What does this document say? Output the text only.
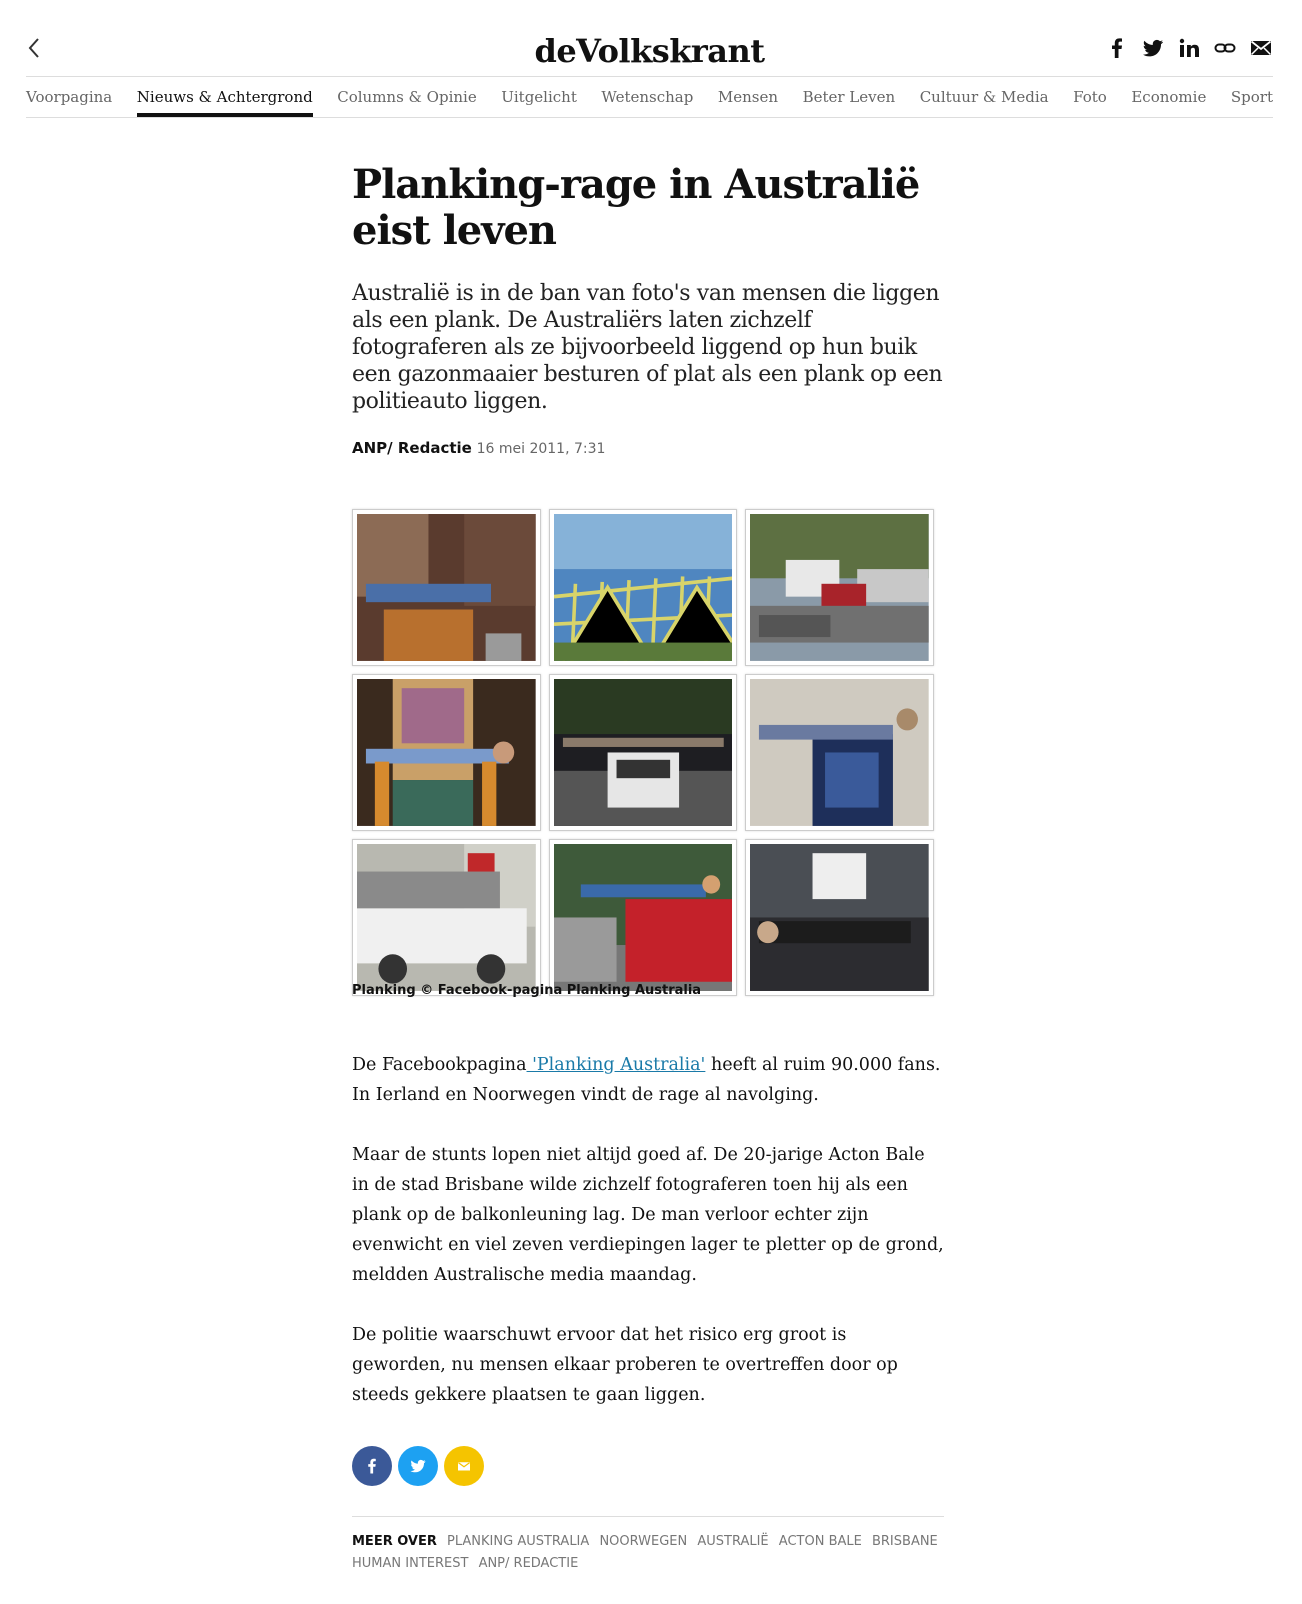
deVolkskrant
Voorpagina Nieuws & Achtergrond Columns & Opinie Uitgelicht Wetenschap Mensen Beter Leven Cultuur & Media Foto Economie Sport
Planking-rage in Australië eist leven
Australië is in de ban van foto's van mensen die liggen als een plank. De Australiërs laten zichzelf fotograferen als ze bijvoorbeeld liggend op hun buik een gazonmaaier besturen of plat als een plank op een politieauto liggen.
ANP/ Redactie 16 mei 2011, 7:31
Planking © Facebook-pagina Planking Australia

De Facebookpagina 'Planking Australia' heeft al ruim 90.000 fans. In Ierland en Noorwegen vindt de rage al navolging.

Maar de stunts lopen niet altijd goed af. De 20-jarige Acton Bale in de stad Brisbane wilde zichzelf fotograferen toen hij als een plank op de balkonleuning lag. De man verloor echter zijn evenwicht en viel zeven verdiepingen lager te pletter op de grond, meldden Australische media maandag.

De politie waarschuwt ervoor dat het risico erg groot is geworden, nu mensen elkaar proberen te overtreffen door op steeds gekkere plaatsen te gaan liggen.

MEER OVER PLANKING AUSTRALIA NOORWEGEN AUSTRALIË ACTON BALE BRISBANE HUMAN INTEREST ANP/ REDACTIE
